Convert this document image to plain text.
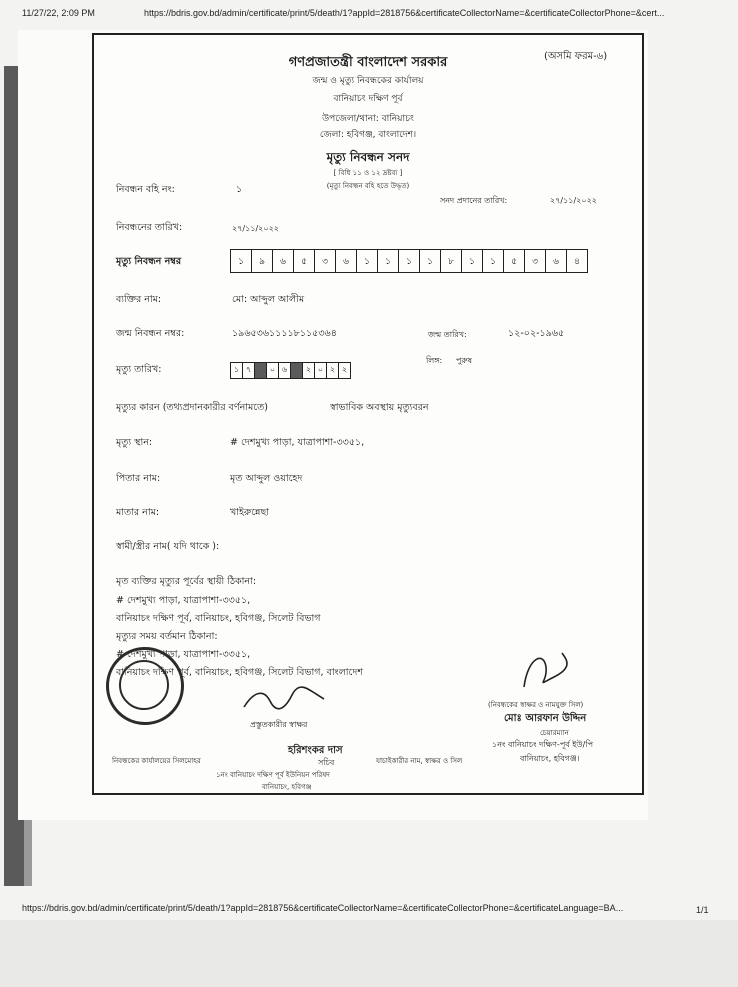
11/27/22, 2:09 PM	https://bdris.gov.bd/admin/certificate/print/5/death/1?appId=2818756&certificateCollectorName=&certificateCollectorPhone=&cert...
(অসমি ফরম-৬)
গণপ্রজাতন্ত্রী বাংলাদেশ সরকার
জন্ম ও মৃত্যু নিবন্ধকের কার্যালয়
বানিয়াচং দক্ষিণ পূর্ব
উপজেলা/থানা: বানিয়াচং
জেলা: হবিগঞ্জ, বাংলাদেশ।
মৃত্যু নিবন্ধন সনদ
[ বিধি ১১ ও ১২ দ্রষ্টব্য ]
(মৃত্যু নিবন্ধন বহি হতে উদ্ধৃত)
নিবন্ধন বহি নং:	১
সনদ প্রদানের তারিখ:	২৭/১১/২০২২
নিবন্ধনের তারিখ:	২৭/১১/২০২২
মৃত্যু নিবন্ধন নম্বর	১	৯	৬	৫	৩	৬	১	১	১	১	৮	১	১	৫	৩	৬	৪
ব্যক্তির নাম:	মো: আব্দুল আলীম
জন্ম নিবন্ধন নম্বর:	১৯৬৫৩৬১১১১৮১১৫৩৬৪	জন্ম তারিখ:	১২-০২-১৯৬৫
লিঙ্গ: পুরুষ
মৃত্যু তারিখ:	১ ৭	০ ৬	২ ০ ২ ২
মৃত্যুর কারন (তথ্যপ্রদানকারীর বর্ণনামতে)	স্বাভাবিক অবস্থায় মৃত্যুবরন
মৃত্যু স্থান:	# দেশমুখ্য পাড়া, যাত্রাপাশা-৩৩৫১,
পিতার নাম:	মৃত আব্দুল ওয়াহেদ
মাতার নাম:	খাইরুন্নেছা
স্বামী/স্ত্রীর নাম( যদি থাকে ):
মৃত ব্যক্তির মৃত্যুর পূর্বের স্থায়ী ঠিকানা:
# দেশমুখ্য পাড়া, যাত্রাপাশা-৩৩৫১,
বানিয়াচং দক্ষিণ পূর্ব, বানিয়াচং, হবিগঞ্জ, সিলেট বিভাগ
মৃত্যুর সময় বর্তমান ঠিকানা:
# দেশমুখ্য পাড়া, যাত্রাপাশা-৩৩৫১,
বানিয়াচং দক্ষিণ পূর্ব, বানিয়াচং, হবিগঞ্জ, সিলেট বিভাগ, বাংলাদেশ
প্রস্তুতকারীর স্বাক্ষর
হরিশংকর দাস
সচিব
১নং বানিয়াচং দক্ষিণ পূর্ব ইউনিয়ন পরিষদ
বানিয়াচং, হবিগঞ্জ
নিবন্ধকের কার্যালয়ের সিলমোহর	যাচাইকারীর নাম, স্বাক্ষর ও সিল
(নিবন্ধকের স্বাক্ষর ও নামযুক্ত সিল)
মোঃ আরফান উদ্দিন
চেয়ারম্যান
১নং বানিয়াচং দক্ষিণ-পূর্ব ইউ/পি
বানিয়াচং, হবিগঞ্জ।
https://bdris.gov.bd/admin/certificate/print/5/death/1?appId=2818756&certificateCollectorName=&certificateCollectorPhone=&certificateLanguage=BA...	1/1
